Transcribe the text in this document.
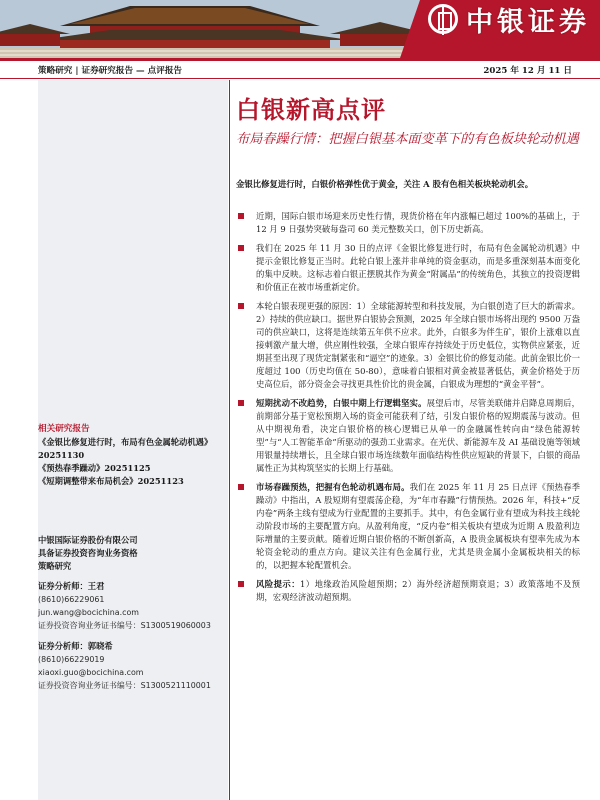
中银证券
策略研究 | 证券研究报告 — 点评报告	2025 年 12 月 11 日
相关研究报告
《金银比修复进行时，布局有色金属轮动机遇》20251130
《预热春季躁动》20251125
《短期调整带来布局机会》20251123
中银国际证券股份有限公司
具备证券投资咨询业务资格
策略研究
证券分析师：王君
(8610)66229061
jun.wang@bocichina.com
证券投资咨询业务证书编号：S1300519060003
证券分析师：郭晓希
(8610)66229019
xiaoxi.guo@bocichina.com
证券投资咨询业务证书编号：S1300521110001
白银新高点评
布局春躁行情：把握白银基本面变革下的有色板块轮动机遇
金银比修复进行时，白银价格弹性优于黄金，关注 A 股有色相关板块轮动机会。
近期，国际白银市场迎来历史性行情，现货价格在年内涨幅已超过 100%的基础上，于 12 月 9 日强势突破每盎司 60 美元整数关口，创下历史新高。
我们在 2025 年 11 月 30 日的点评《金银比修复进行时，布局有色金属轮动机遇》中提示金银比修复正当时。此轮白银上涨并非单纯的资金驱动，而是多重深刻基本面变化的集中反映。这标志着白银正摆脱其作为黄金“附属品”的传统角色，其独立的投资逻辑和价值正在被市场重新定价。
本轮白银表现更强的原因：1）全球能源转型和科技发展，为白银创造了巨大的新需求。2）持续的供应缺口。据世界白银协会预测，2025 年全球白银市场将出现约 9500 万盎司的供应缺口，这将是连续第五年供不应求。此外，白银多为伴生矿，银价上涨难以直接刺激产量大增，供应刚性较强，全球白银库存持续处于历史低位，实物供应紧张，近期甚至出现了现货定制紧张和“逼空”的迹象。3）金银比价的修复动能。此前金银比价一度超过 100（历史均值在 50-80），意味着白银相对黄金被显著低估，黄金价格处于历史高位后，部分资金会寻找更具性价比的贵金属，白银成为理想的“黄金平替”。
短期扰动不改趋势，白银中期上行逻辑坚实。展望后市，尽管美联储并启降息周期后，前期部分基于宽松预期入场的资金可能获利了结，引发白银价格的短期震荡与波动。但从中期视角看，决定白银价格的核心逻辑已从单一的金融属性转向由“绿色能源转型”与“人工智能革命”所驱动的强劲工业需求。在光伏、新能源车及 AI 基础设施等领域用银量持续增长，且全球白银市场连续数年面临结构性供应短缺的背景下，白银的商品属性正为其构筑坚实的长期上行基础。
市场春躁预热，把握有色轮动机遇布局。我们在 2025 年 11 月 25 日点评《预热春季躁动》中指出，A 股短期有望震荡企稳，为“年市春躁”行情预热。2026 年，科技+“反内卷”两条主线有望成为行业配置的主要抓手。其中，有色金属行业有望成为科技主线轮动阶段市场的主要配置方向。从盈利角度，“反内卷”相关板块有望成为近期 A 股盈利边际增量的主要贡献。随着近期白银价格的不断创新高，A 股贵金属板块有望率先成为本轮资金轮动的重点方向。建议关注有色金属行业，尤其是贵金属小金属板块相关的标的，以把握本轮配置机会。
风险提示：1）地缘政治风险超预期；2）海外经济超预期衰退；3）政策落地不及预期，宏观经济波动超预期。
